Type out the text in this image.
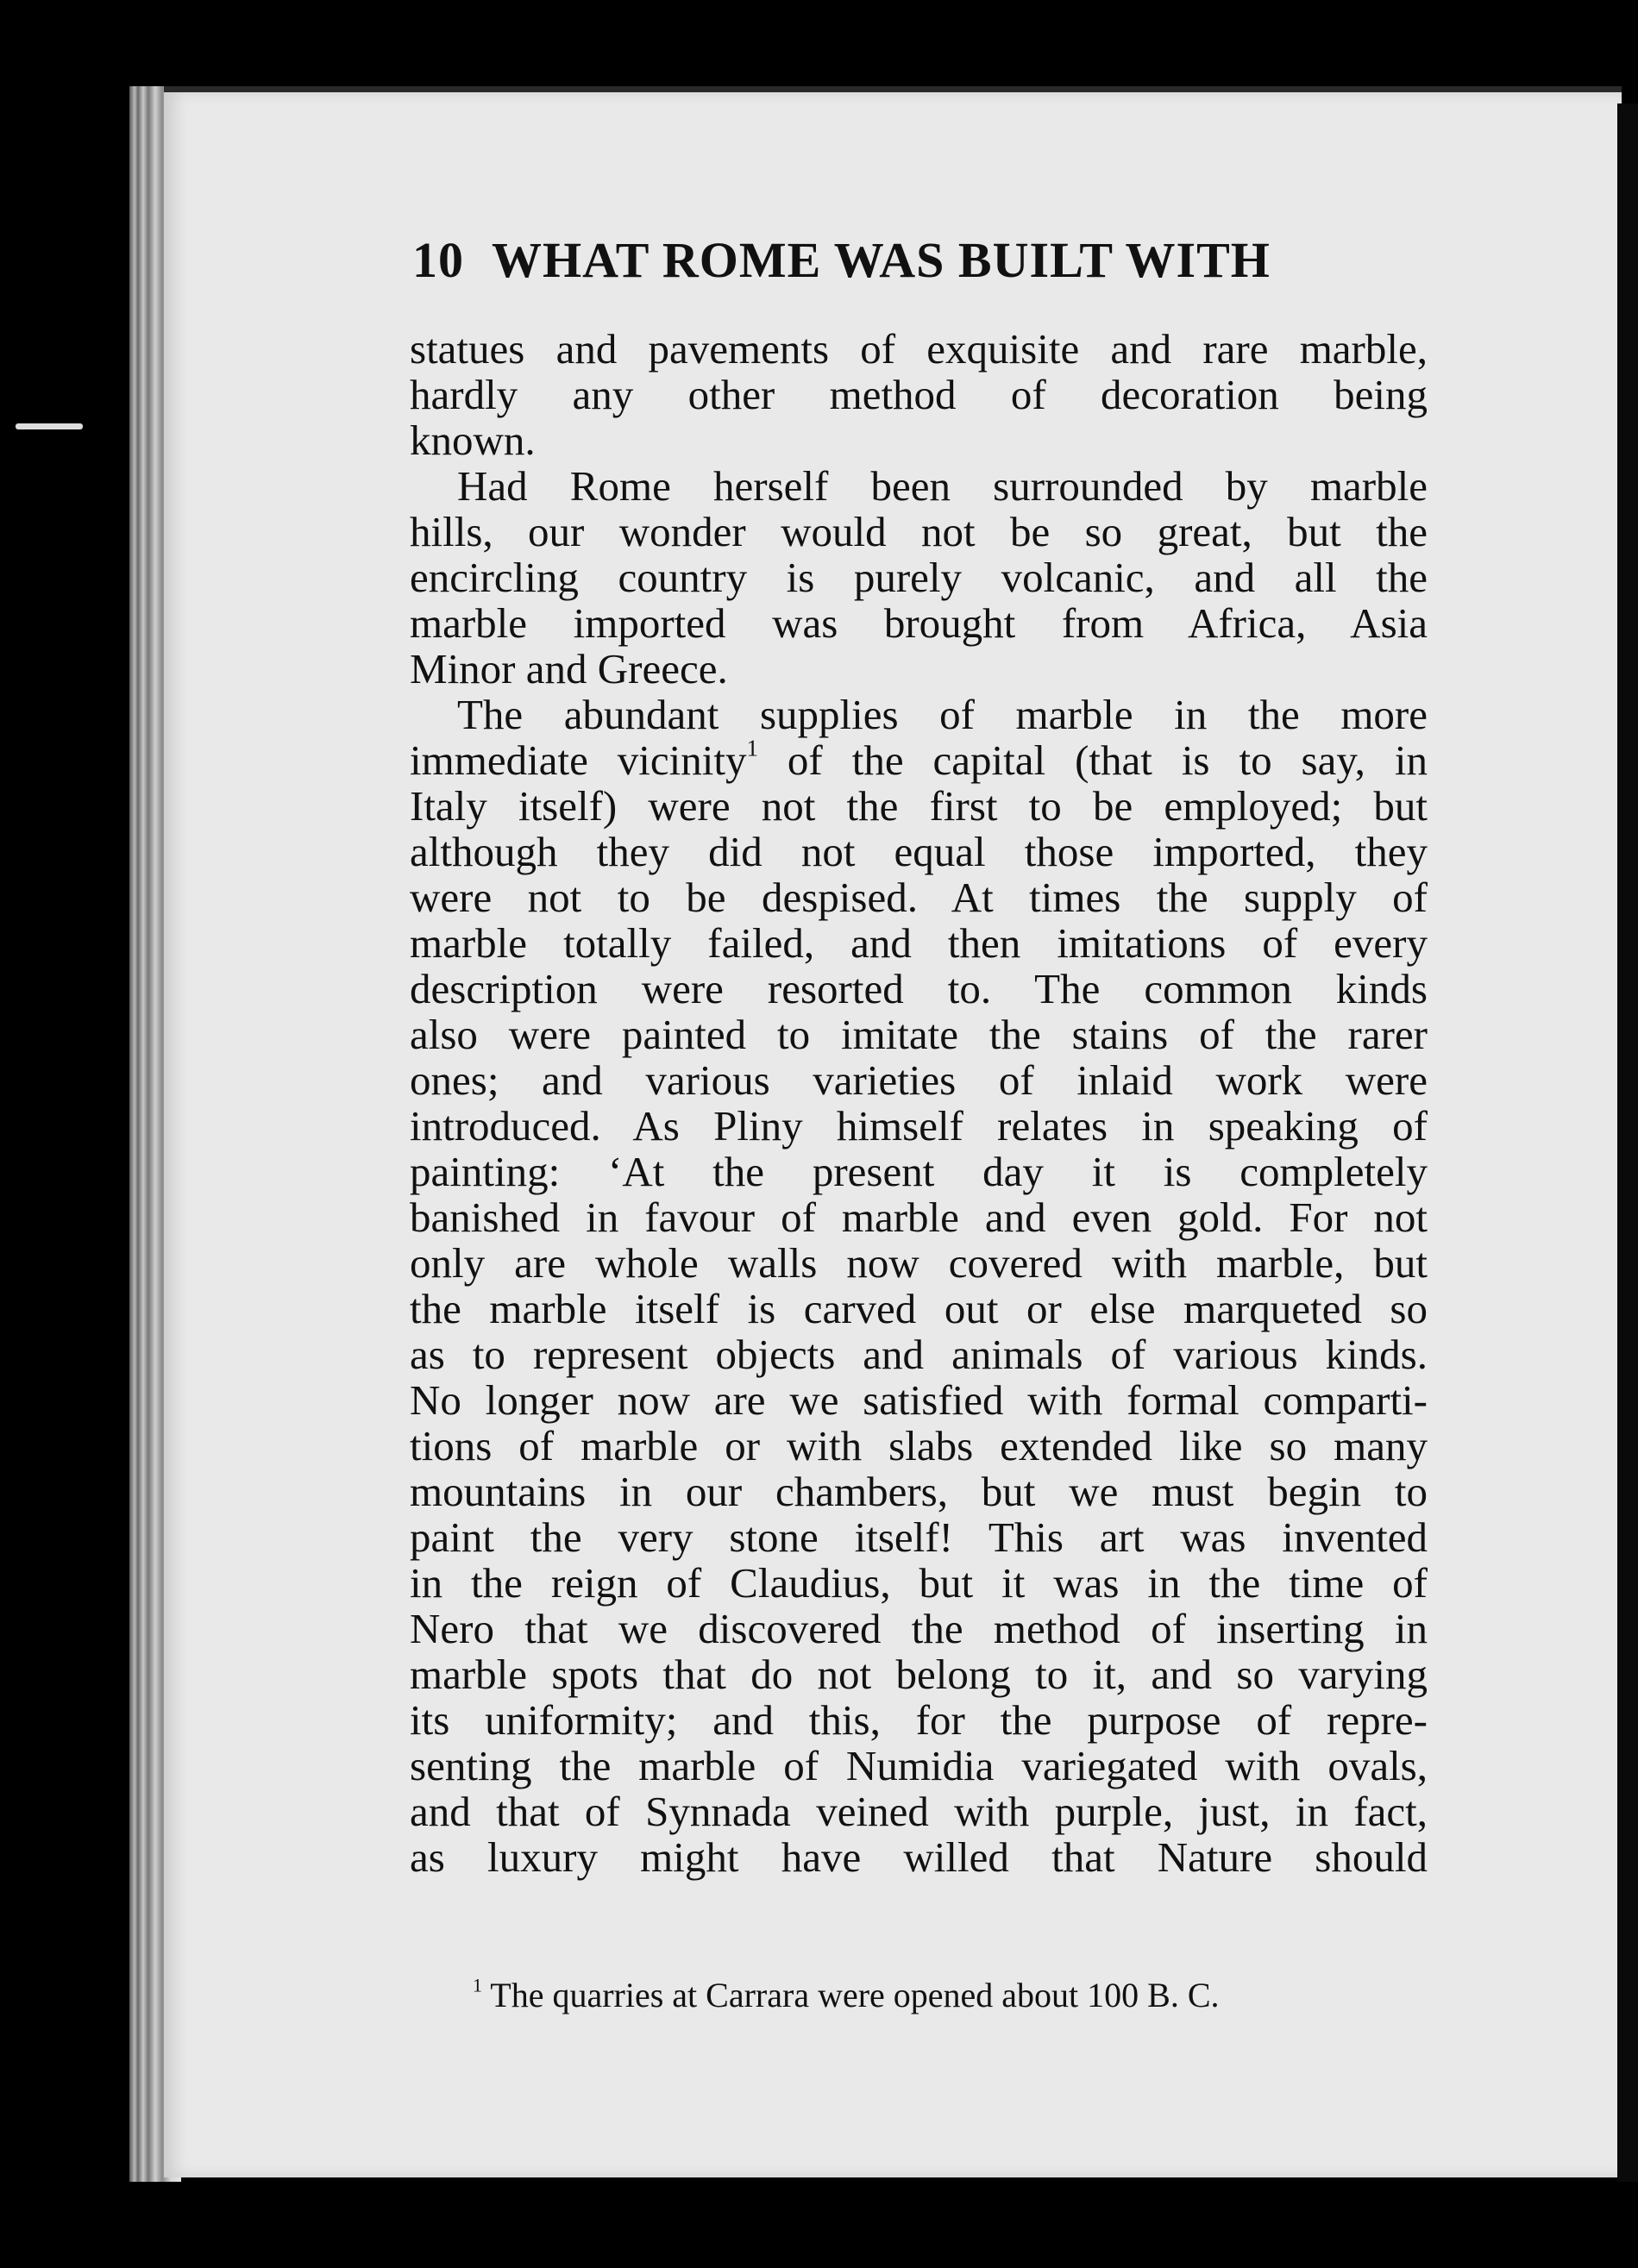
10 WHAT ROME WAS BUILT WITH
statues and pavements of exquisite and rare marble,
hardly any other method of decoration being
known.
Had Rome herself been surrounded by marble
hills, our wonder would not be so great, but the
encircling country is purely volcanic, and all the
marble imported was brought from Africa, Asia
Minor and Greece.
The abundant supplies of marble in the more
immediate vicinity$^1$ of the capital (that is to say, in
Italy itself) were not the first to be employed; but
although they did not equal those imported, they
were not to be despised. At times the supply of
marble totally failed, and then imitations of every
description were resorted to. The common kinds
also were painted to imitate the stains of the rarer
ones; and various varieties of inlaid work were
introduced. As Pliny himself relates in speaking of
painting: ‘At the present day it is completely
banished in favour of marble and even gold. For not
only are whole walls now covered with marble, but
the marble itself is carved out or else marqueted so
as to represent objects and animals of various kinds.
No longer now are we satisfied with formal comparti-
tions of marble or with slabs extended like so many
mountains in our chambers, but we must begin to
paint the very stone itself! This art was invented
in the reign of Claudius, but it was in the time of
Nero that we discovered the method of inserting in
marble spots that do not belong to it, and so varying
its uniformity; and this, for the purpose of repre-
senting the marble of Numidia variegated with ovals,
and that of Synnada veined with purple, just, in fact,
as luxury might have willed that Nature should
$^1$ The quarries at Carrara were opened about 100 B. C.
